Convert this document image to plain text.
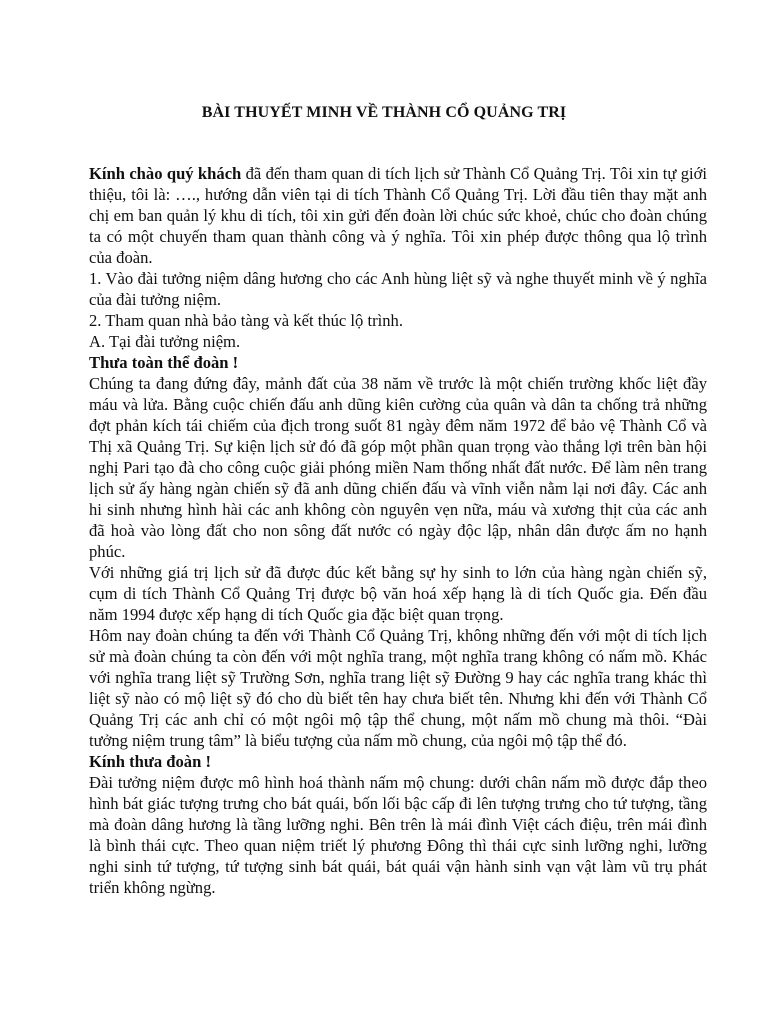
BÀI THUYẾT MINH VỀ THÀNH CỔ QUẢNG TRỊ

Kính chào quý khách đã đến tham quan di tích lịch sử Thành Cổ Quảng Trị. Tôi xin tự giới thiệu, tôi là: …., hướng dẫn viên tại di tích Thành Cổ Quảng Trị. Lời đầu tiên thay mặt anh chị em ban quản lý khu di tích, tôi xin gửi đến đoàn lời chúc sức khoẻ, chúc cho đoàn chúng ta có một chuyến tham quan thành công và ý nghĩa. Tôi xin phép được thông qua lộ trình của đoàn.

1. Vào đài tưởng niệm dâng hương cho các Anh hùng liệt sỹ và nghe thuyết minh về ý nghĩa của đài tưởng niệm.

2. Tham quan nhà bảo tàng và kết thúc lộ trình.

A. Tại đài tưởng niệm.

Thưa toàn thể đoàn !

Chúng ta đang đứng đây, mảnh đất của 38 năm về trước là một chiến trường khốc liệt đầy máu và lửa. Bằng cuộc chiến đấu anh dũng kiên cường của quân và dân ta chống trả những đợt phản kích tái chiếm của địch trong suốt 81 ngày đêm năm 1972 để bảo vệ Thành Cổ và Thị xã Quảng Trị. Sự kiện lịch sử đó đã góp một phần quan trọng vào thắng lợi trên bàn hội nghị Pari tạo đà cho công cuộc giải phóng miền Nam thống nhất đất nước. Để làm nên trang lịch sử ấy hàng ngàn chiến sỹ đã anh dũng chiến đấu và vĩnh viễn nằm lại nơi đây. Các anh hi sinh nhưng hình hài các anh không còn nguyên vẹn nữa, máu và xương thịt của các anh đã hoà vào lòng đất cho non sông đất nước có ngày độc lập, nhân dân được ấm no hạnh phúc.

Với những giá trị lịch sử đã được đúc kết bằng sự hy sinh to lớn của hàng ngàn chiến sỹ, cụm di tích Thành Cổ Quảng Trị được bộ văn hoá xếp hạng là di tích Quốc gia. Đến đầu năm 1994 được xếp hạng di tích Quốc gia đặc biệt quan trọng.

Hôm nay đoàn chúng ta đến với Thành Cổ Quảng Trị, không những đến với một di tích lịch sử mà đoàn chúng ta còn đến với một nghĩa trang, một nghĩa trang không có nấm mồ. Khác với nghĩa trang liệt sỹ Trường Sơn, nghĩa trang liệt sỹ Đường 9 hay các nghĩa trang khác thì liệt sỹ nào có mộ liệt sỹ đó cho dù biết tên hay chưa biết tên. Nhưng khi đến với Thành Cổ Quảng Trị các anh chỉ có một ngôi mộ tập thể chung, một nấm mồ chung mà thôi. “Đài tưởng niệm trung tâm” là biểu tượng của nấm mồ chung, của ngôi mộ tập thể đó.

Kính thưa đoàn !

Đài tưởng niệm được mô hình hoá thành nấm mộ chung: dưới chân nấm mồ được đắp theo hình bát giác tượng trưng cho bát quái, bốn lối bậc cấp đi lên tượng trưng cho tứ tượng, tầng mà đoàn dâng hương là tầng lưỡng nghi. Bên trên là mái đình Việt cách điệu, trên mái đình là bình thái cực. Theo quan niệm triết lý phương Đông thì thái cực sinh lưỡng nghi, lưỡng nghi sinh tứ tượng, tứ tượng sinh bát quái, bát quái vận hành sinh vạn vật làm vũ trụ phát triển không ngừng.
